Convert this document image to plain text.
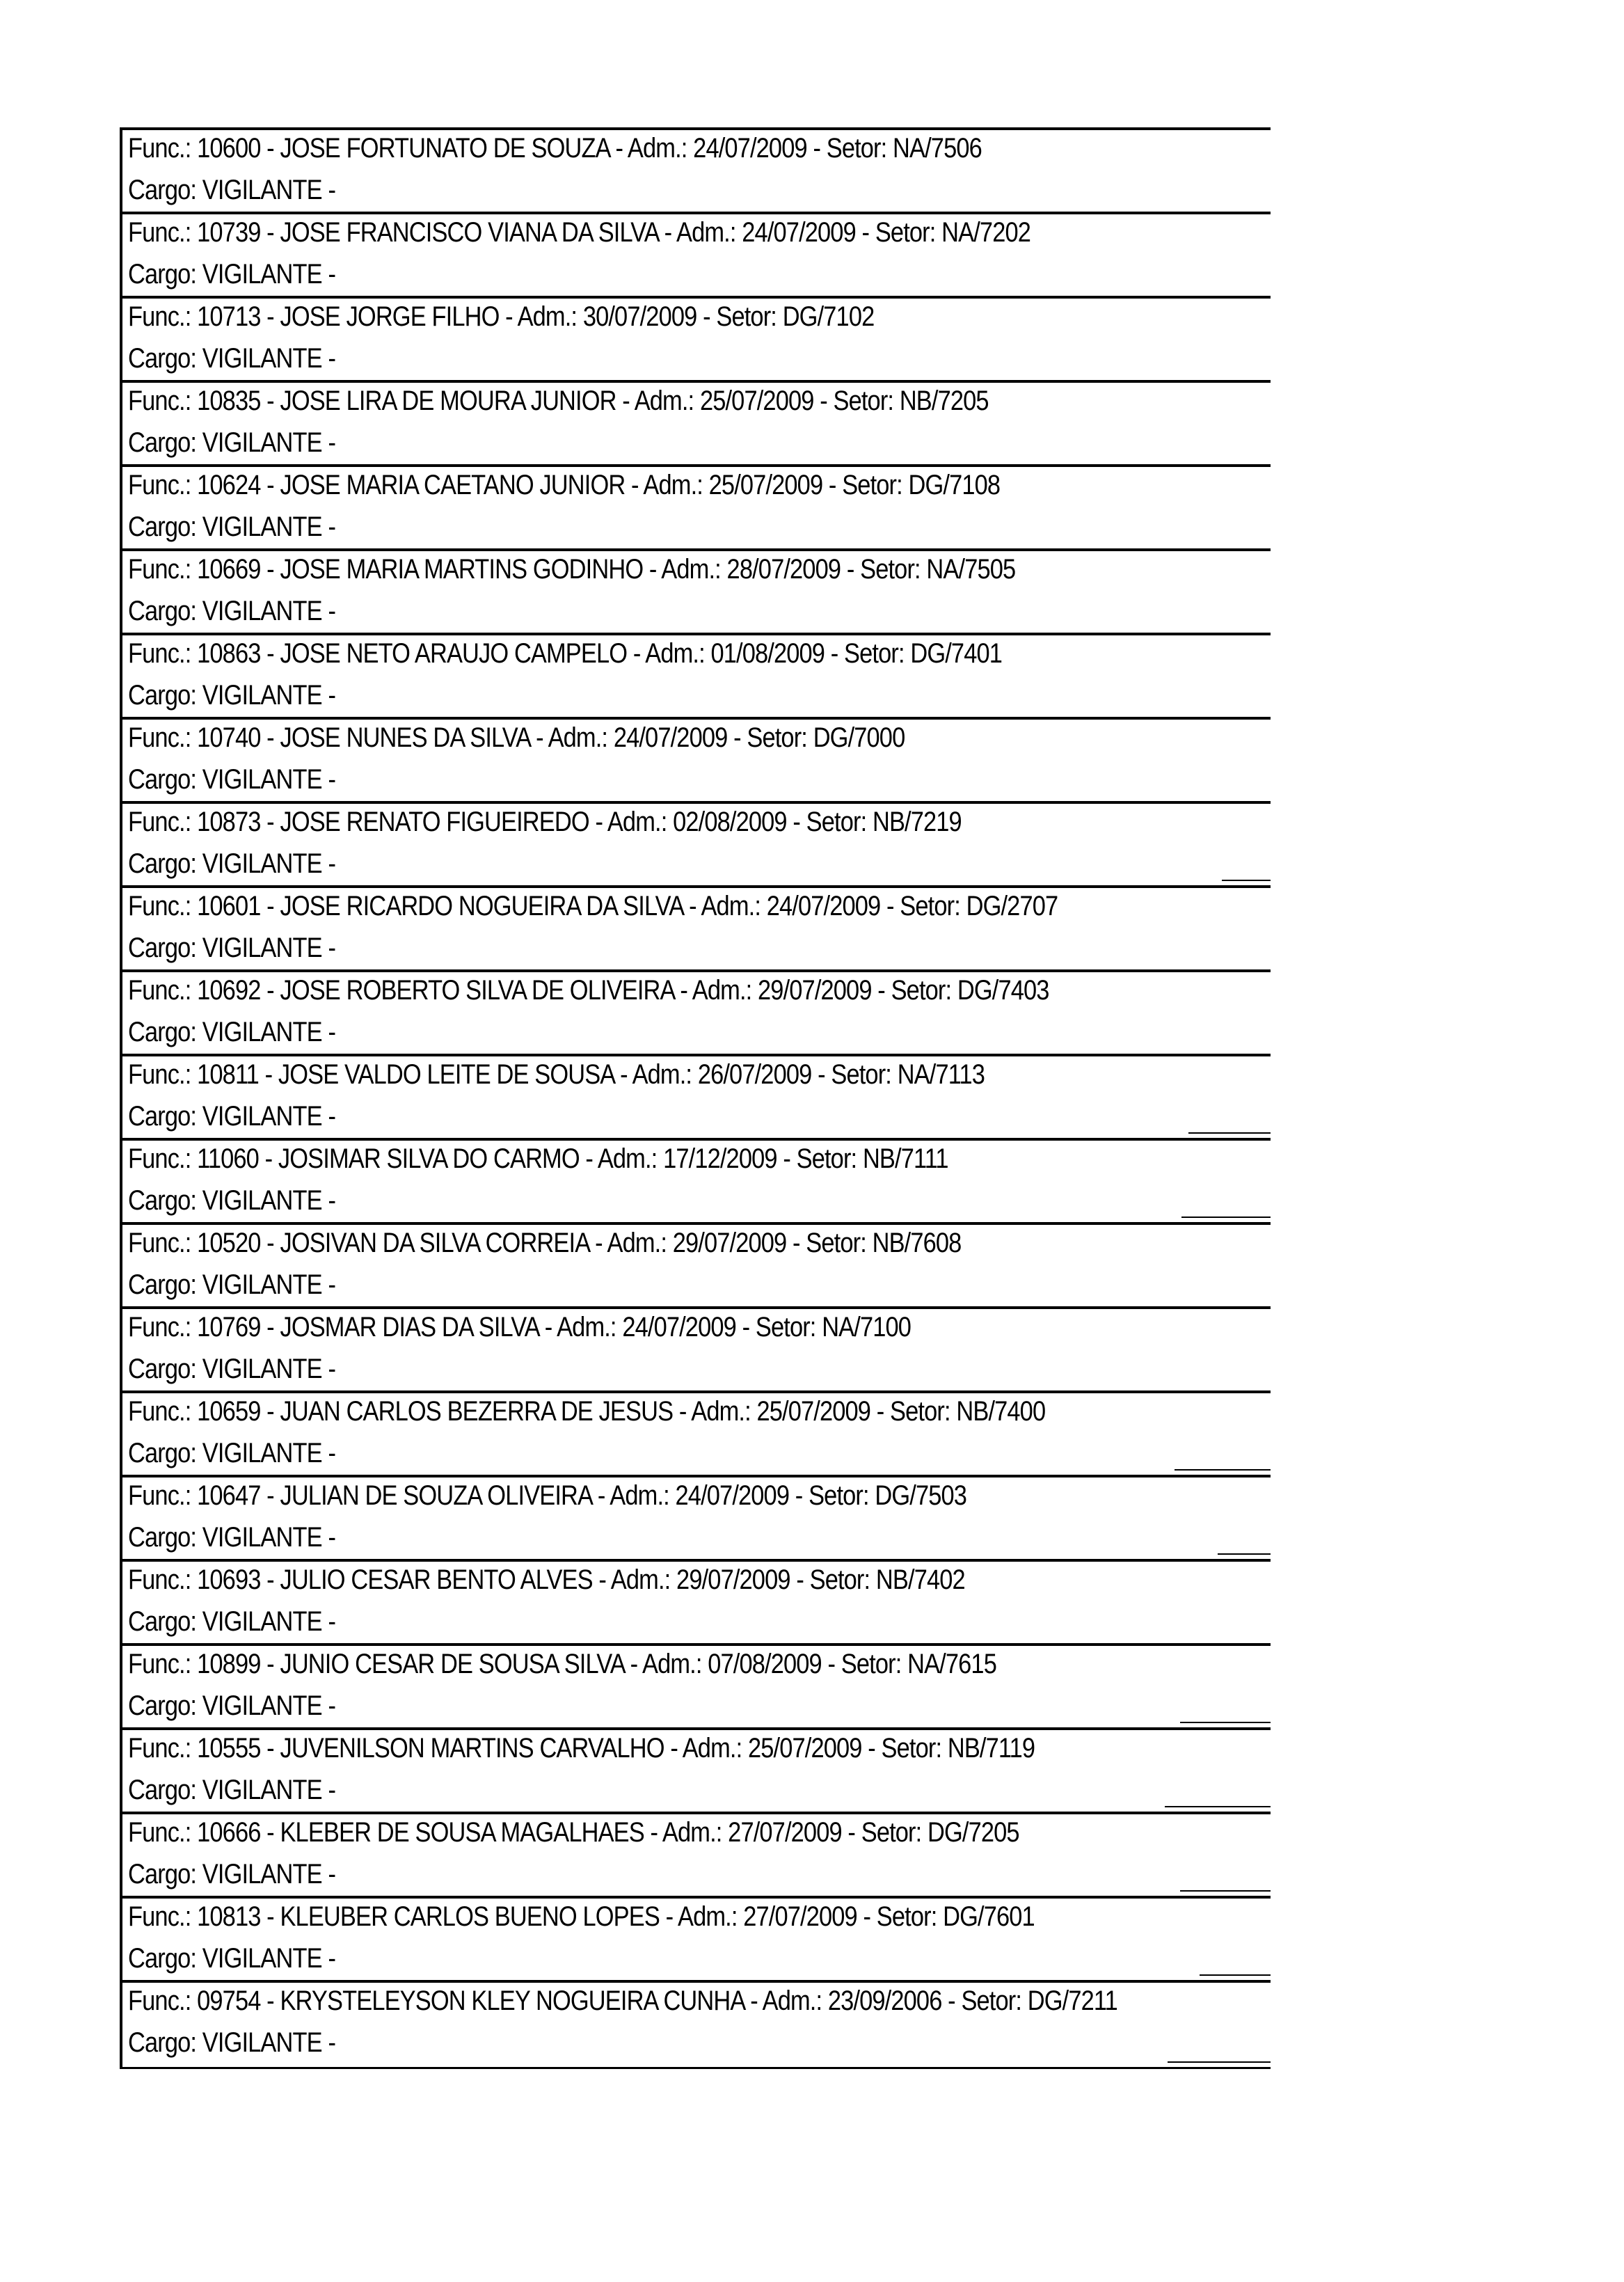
Func.: 10600 - JOSE FORTUNATO DE SOUZA - Adm.: 24/07/2009 - Setor: NA/7506
Cargo: VIGILANTE -
Func.: 10739 - JOSE FRANCISCO VIANA DA SILVA - Adm.: 24/07/2009 - Setor: NA/7202
Cargo: VIGILANTE -
Func.: 10713 - JOSE JORGE FILHO - Adm.: 30/07/2009 - Setor: DG/7102
Cargo: VIGILANTE -
Func.: 10835 - JOSE LIRA DE MOURA JUNIOR - Adm.: 25/07/2009 - Setor: NB/7205
Cargo: VIGILANTE -
Func.: 10624 - JOSE MARIA CAETANO JUNIOR - Adm.: 25/07/2009 - Setor: DG/7108
Cargo: VIGILANTE -
Func.: 10669 - JOSE MARIA MARTINS GODINHO - Adm.: 28/07/2009 - Setor: NA/7505
Cargo: VIGILANTE -
Func.: 10863 - JOSE NETO ARAUJO CAMPELO - Adm.: 01/08/2009 - Setor: DG/7401
Cargo: VIGILANTE -
Func.: 10740 - JOSE NUNES DA SILVA - Adm.: 24/07/2009 - Setor: DG/7000
Cargo: VIGILANTE -
Func.: 10873 - JOSE RENATO FIGUEIREDO - Adm.: 02/08/2009 - Setor: NB/7219
Cargo: VIGILANTE -
Func.: 10601 - JOSE RICARDO NOGUEIRA DA SILVA - Adm.: 24/07/2009 - Setor: DG/2707
Cargo: VIGILANTE -
Func.: 10692 - JOSE ROBERTO SILVA DE OLIVEIRA - Adm.: 29/07/2009 - Setor: DG/7403
Cargo: VIGILANTE -
Func.: 10811 - JOSE VALDO LEITE DE SOUSA - Adm.: 26/07/2009 - Setor: NA/7113
Cargo: VIGILANTE -
Func.: 11060 - JOSIMAR SILVA DO CARMO - Adm.: 17/12/2009 - Setor: NB/7111
Cargo: VIGILANTE -
Func.: 10520 - JOSIVAN DA SILVA CORREIA - Adm.: 29/07/2009 - Setor: NB/7608
Cargo: VIGILANTE -
Func.: 10769 - JOSMAR DIAS DA SILVA - Adm.: 24/07/2009 - Setor: NA/7100
Cargo: VIGILANTE -
Func.: 10659 - JUAN CARLOS BEZERRA DE JESUS - Adm.: 25/07/2009 - Setor: NB/7400
Cargo: VIGILANTE -
Func.: 10647 - JULIAN DE SOUZA OLIVEIRA - Adm.: 24/07/2009 - Setor: DG/7503
Cargo: VIGILANTE -
Func.: 10693 - JULIO CESAR BENTO ALVES - Adm.: 29/07/2009 - Setor: NB/7402
Cargo: VIGILANTE -
Func.: 10899 - JUNIO CESAR DE SOUSA SILVA - Adm.: 07/08/2009 - Setor: NA/7615
Cargo: VIGILANTE -
Func.: 10555 - JUVENILSON MARTINS CARVALHO - Adm.: 25/07/2009 - Setor: NB/7119
Cargo: VIGILANTE -
Func.: 10666 - KLEBER DE SOUSA MAGALHAES - Adm.: 27/07/2009 - Setor: DG/7205
Cargo: VIGILANTE -
Func.: 10813 - KLEUBER CARLOS BUENO LOPES - Adm.: 27/07/2009 - Setor: DG/7601
Cargo: VIGILANTE -
Func.: 09754 - KRYSTELEYSON KLEY NOGUEIRA CUNHA - Adm.: 23/09/2006 - Setor: DG/7211
Cargo: VIGILANTE -
